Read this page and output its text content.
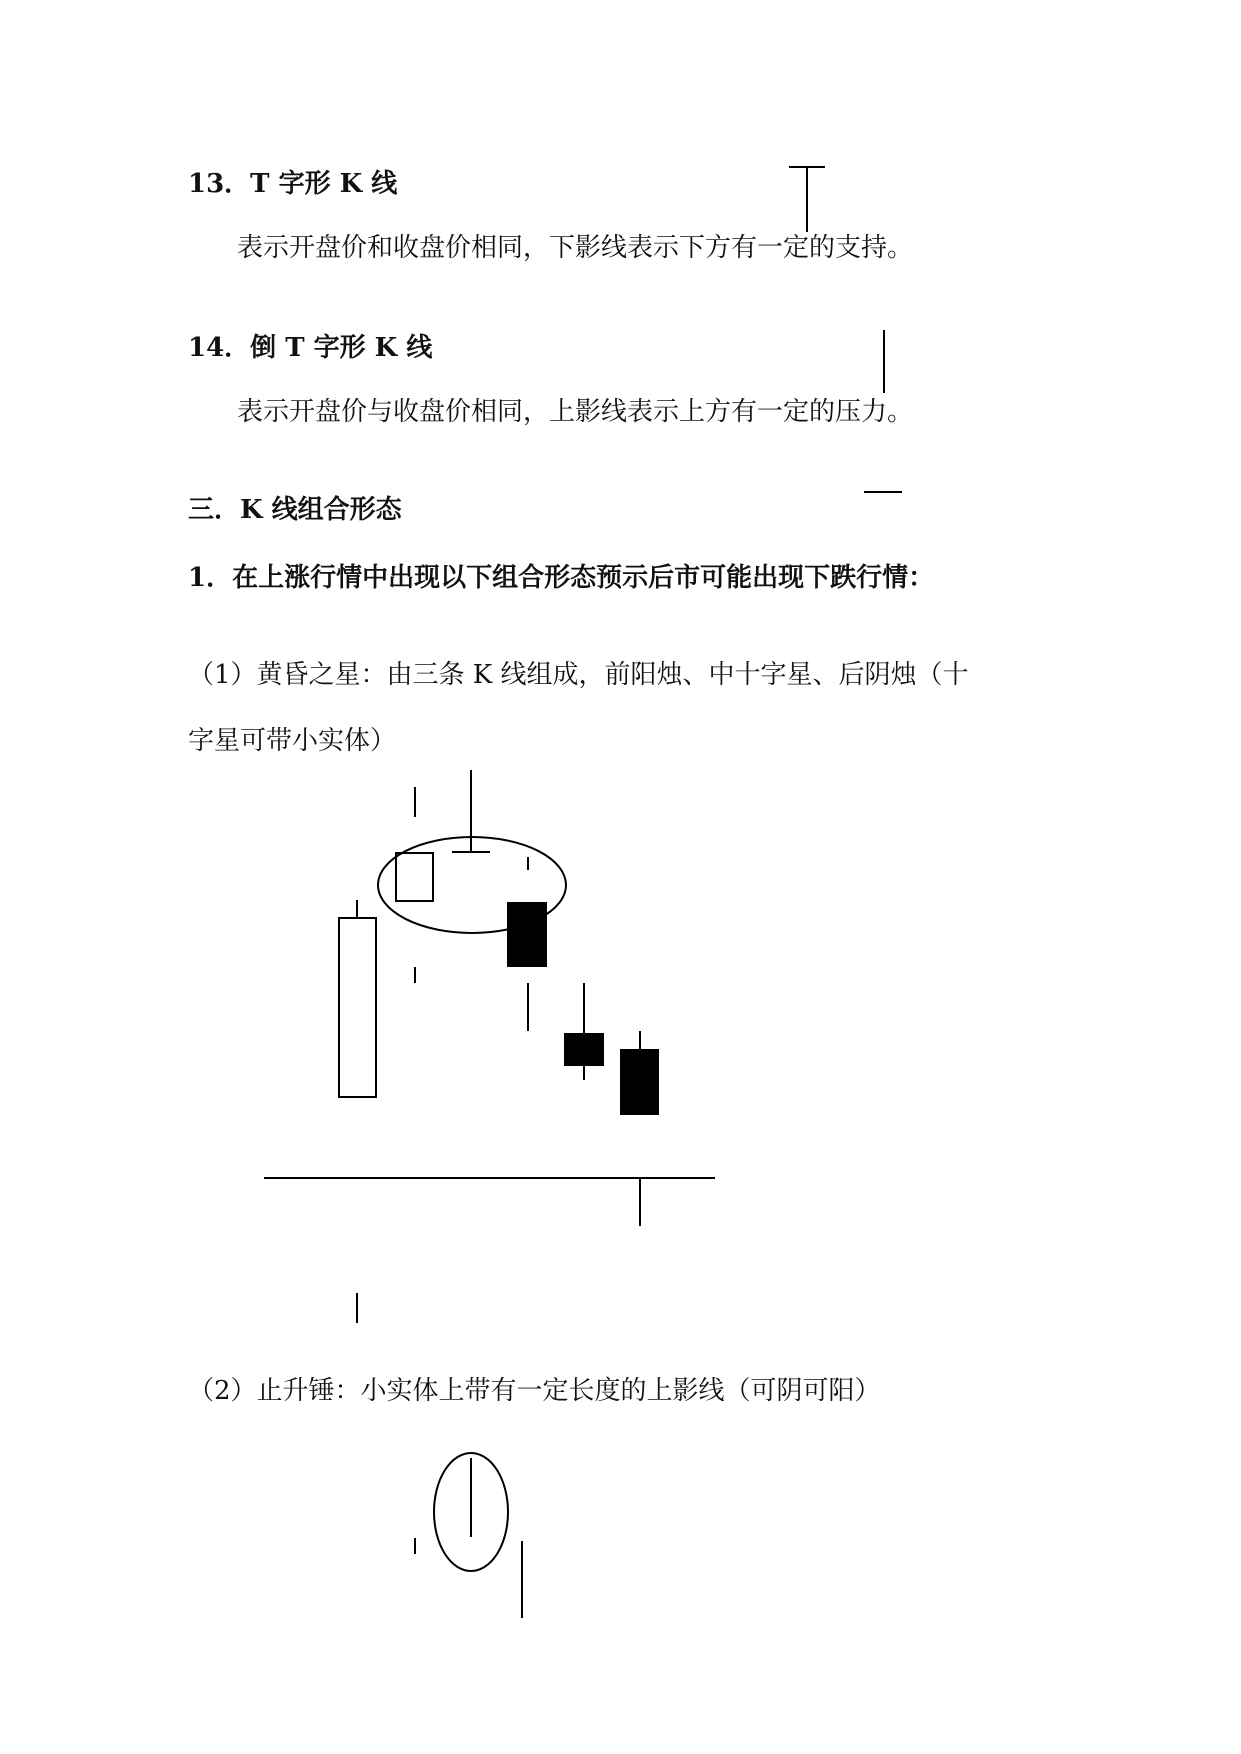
13．T 字形 K 线
表示开盘价和收盘价相同，下影线表示下方有一定的支持。
14．倒 T 字形 K 线
表示开盘价与收盘价相同，上影线表示上方有一定的压力。
三．K 线组合形态
1．在上涨行情中出现以下组合形态预示后市可能出现下跌行情：
（1）黄昏之星：由三条 K 线组成，前阳烛、中十字星、后阴烛（十
字星可带小实体）
（2）止升锤：小实体上带有一定长度的上影线（可阴可阳）
